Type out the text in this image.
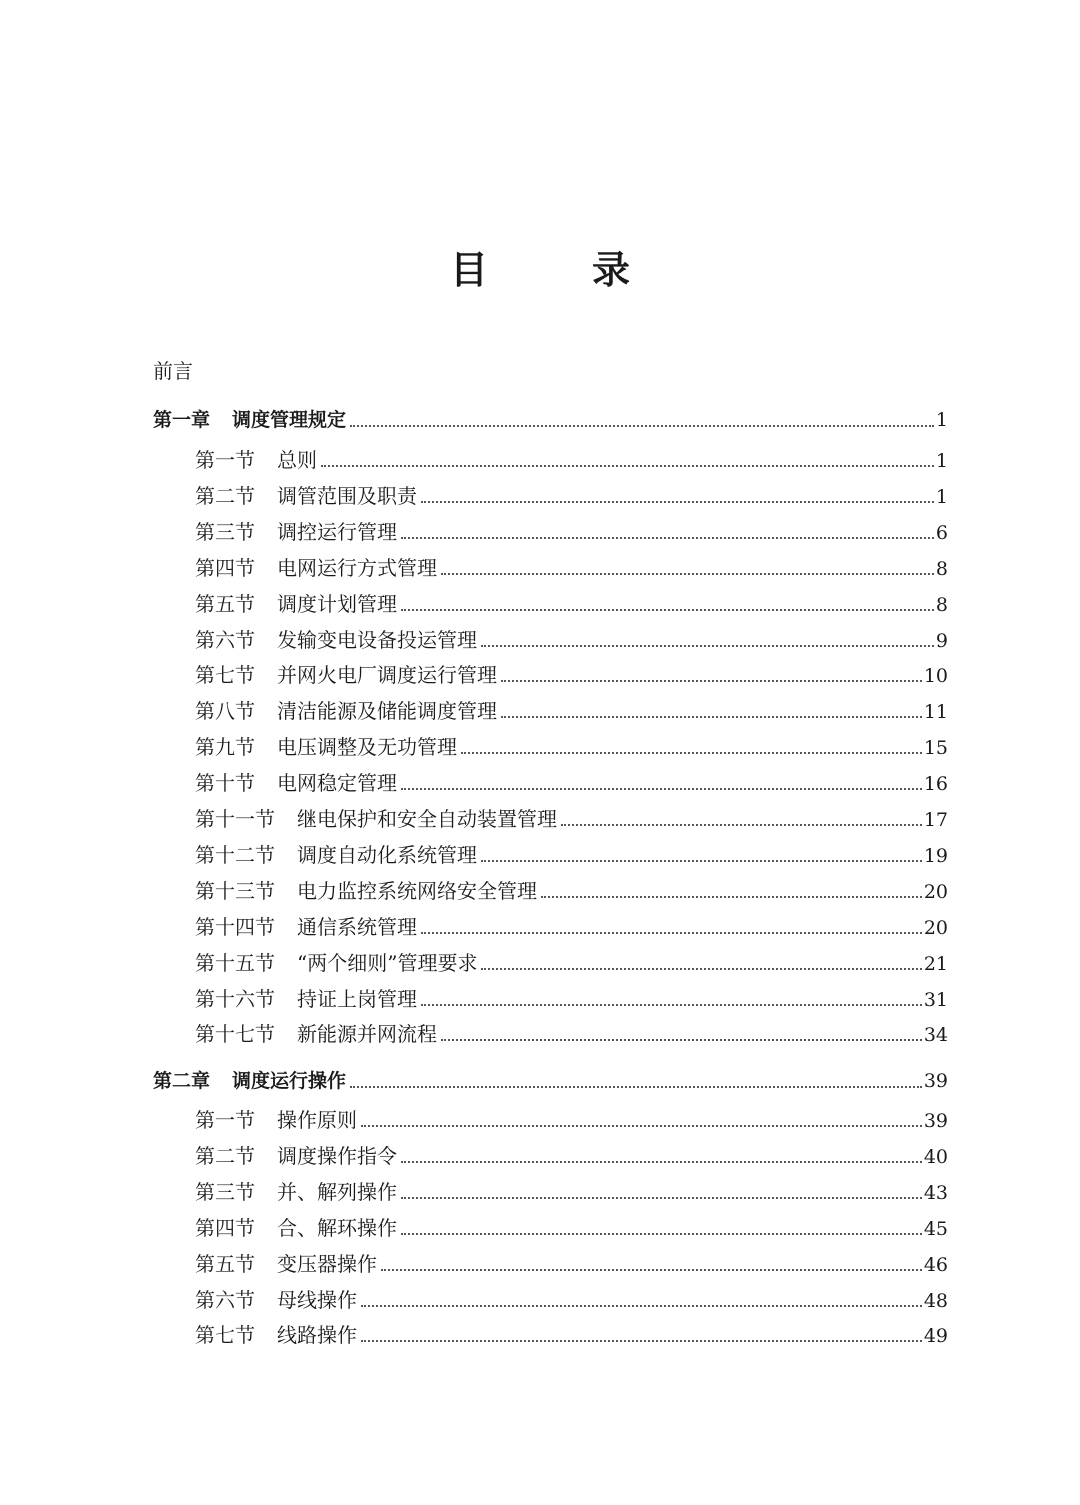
目	录
前言
第一章 调度管理规定	1
第一节 总则	1
第二节 调管范围及职责	1
第三节 调控运行管理	6
第四节 电网运行方式管理	8
第五节 调度计划管理	8
第六节 发输变电设备投运管理	9
第七节 并网火电厂调度运行管理	10
第八节 清洁能源及储能调度管理	11
第九节 电压调整及无功管理	15
第十节 电网稳定管理	16
第十一节 继电保护和安全自动装置管理	17
第十二节 调度自动化系统管理	19
第十三节 电力监控系统网络安全管理	20
第十四节 通信系统管理	20
第十五节 “两个细则”管理要求	21
第十六节 持证上岗管理	31
第十七节 新能源并网流程	34
第二章 调度运行操作	39
第一节 操作原则	39
第二节 调度操作指令	40
第三节 并、解列操作	43
第四节 合、解环操作	45
第五节 变压器操作	46
第六节 母线操作	48
第七节 线路操作	49
